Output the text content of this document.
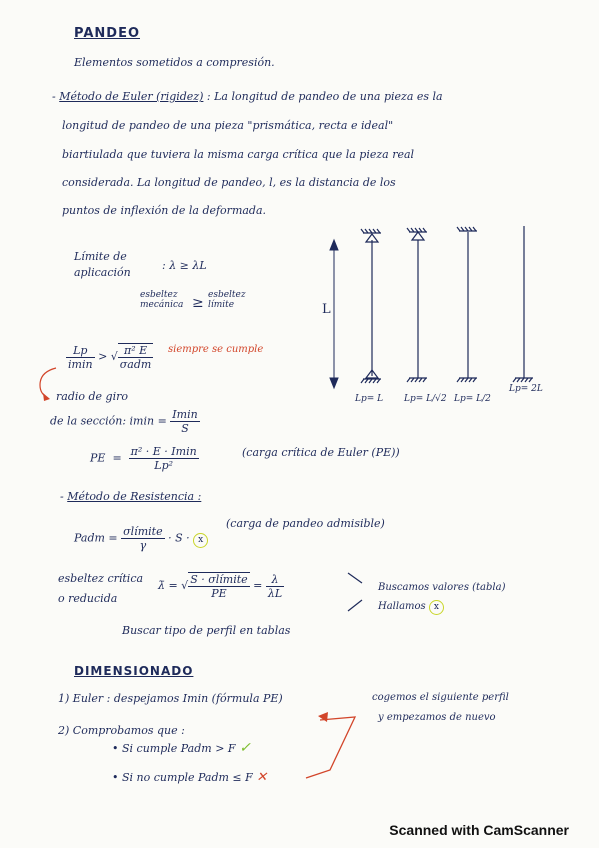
PANDEO
Elementos sometidos a compresión.
- Método de Euler (rigidez) : La longitud de pandeo de una pieza es la
longitud de pandeo de una pieza "prismática, recta e ideal"
biartiulada que tuviera la misma carga crítica que la pieza real
considerada. La longitud de pandeo, l, es la distancia de los
puntos de inflexión de la deformada.
Límite de
aplicación
: λ ≥ λL
esbeltez
mecánica ≥ esbeltez
límite
$\frac{Lp}{imin}$ > √ $\frac{\text{π² E}}{\text{σadm}}$ siempre se cumple
radio de giro
de la sección: $imin = \frac{Imin}{S}$
PE = $\frac{\text{π² · E · Imin}}{\text{Lp²}}$	(carga crítica de Euler (PE))
- Método de Resistencia :
Padm = $\frac{\text{σlímite}}{\gamma} \cdot S \cdot x$
(carga de pandeo admisible)
esbeltez crítica
o reducida
λ̄ = √ $\frac{\text{S · σlímite}}{PE} = \frac{\lambda}{\lambda L}$	Buscamos valores (tabla)
Hallamos x
Buscar tipo de perfil en tablas
L
Lp= L Lp= L/√2 Lp= L/2
Lp= 2L
DIMENSIONADO
1) Euler : despejamos Imin (fórmula PE)
2) Comprobamos que :
• Si cumple Padm > F ✓
• Si no cumple Padm ≤ F ✕
cogemos el siguiente perfil
y empezamos de nuevo
Scanned with CamScanner
